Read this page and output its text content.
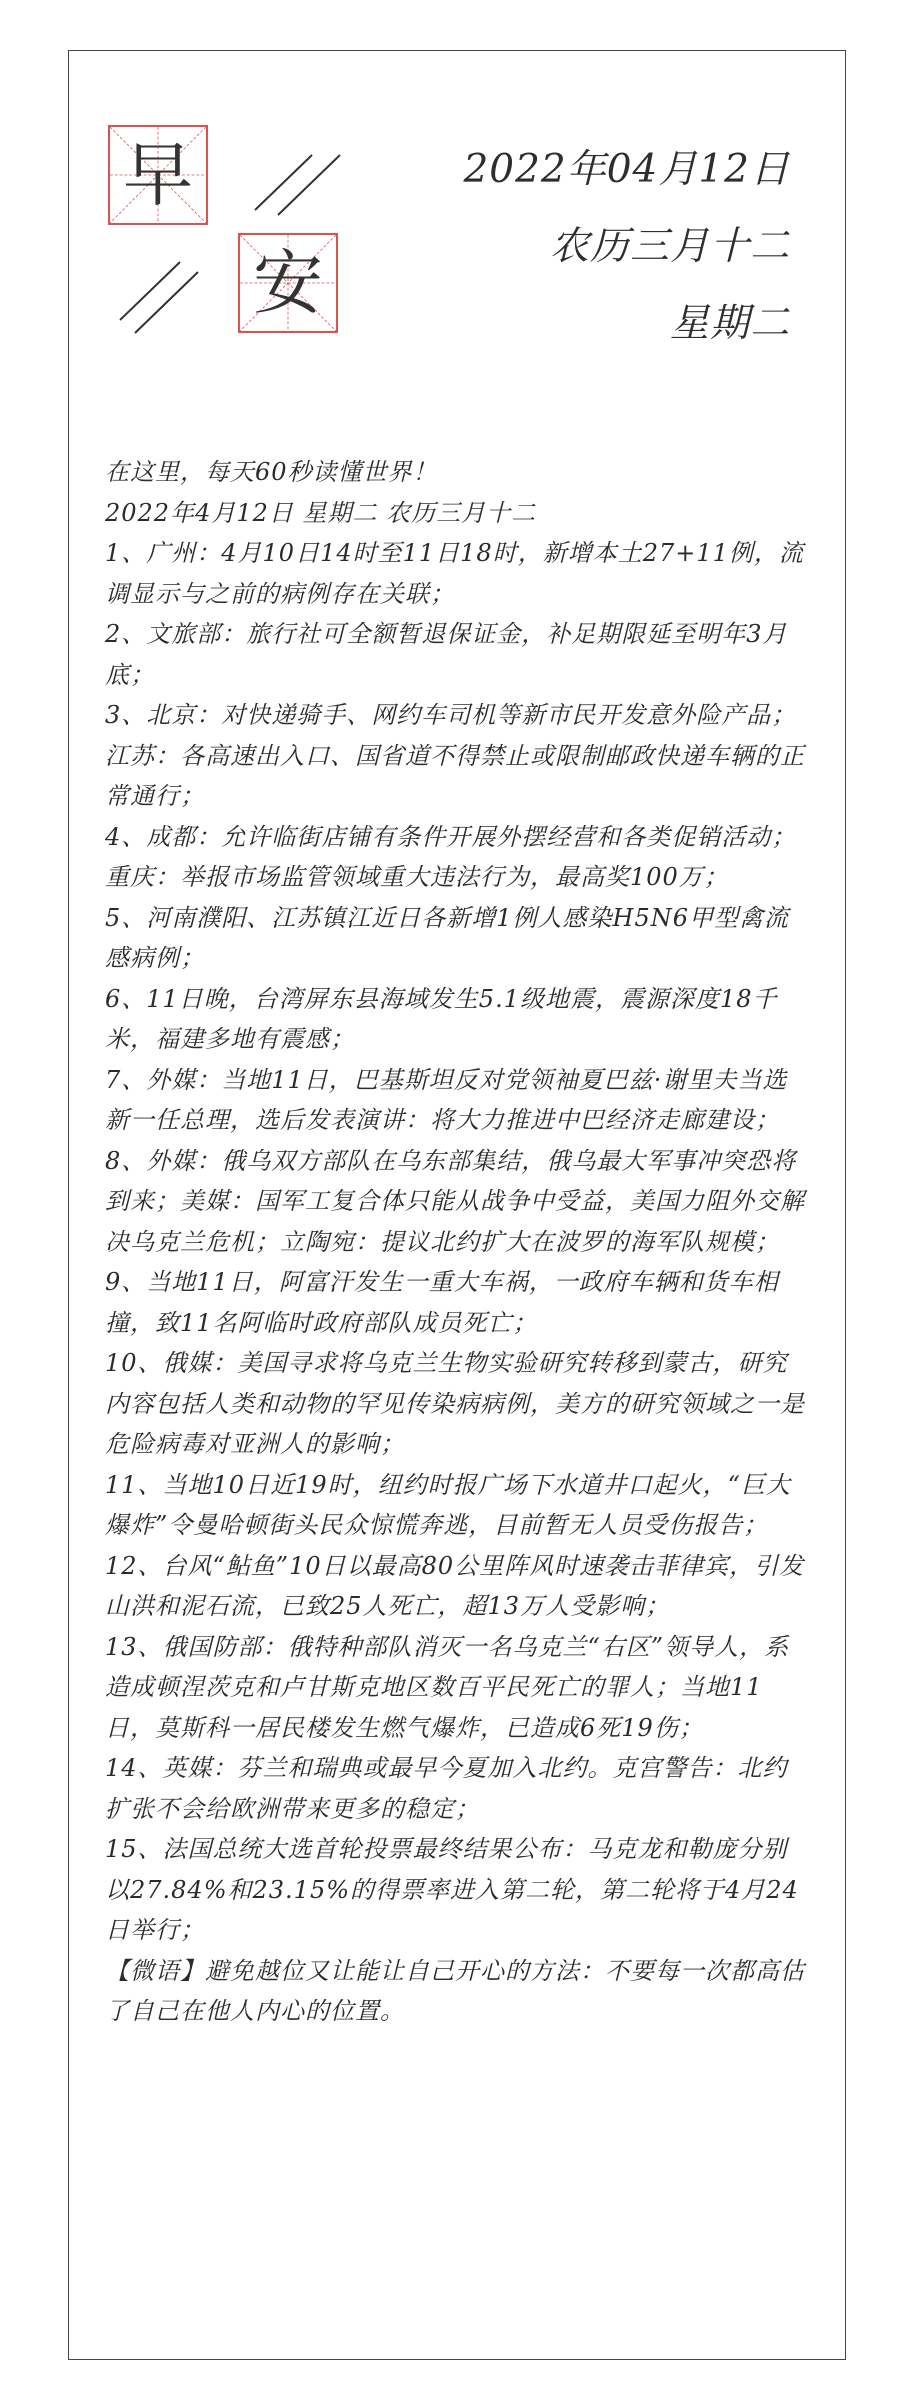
早
安
2022年04月12日
农历三月十二
星期二

在这里，每天60秒读懂世界！

2022年4月12日 星期二 农历三月十二

1、广州：4月10日14时至11日18时，新增本土27+11例，流调显示与之前的病例存在关联；

2、文旅部：旅行社可全额暂退保证金，补足期限延至明年3月底；

3、北京：对快递骑手、网约车司机等新市民开发意外险产品；江苏：各高速出入口、国省道不得禁止或限制邮政快递车辆的正常通行；

4、成都：允许临街店铺有条件开展外摆经营和各类促销活动；重庆：举报市场监管领域重大违法行为，最高奖100万；

5、河南濮阳、江苏镇江近日各新增1例人感染H5N6甲型禽流感病例；

6、11日晚，台湾屏东县海域发生5.1级地震，震源深度18千米，福建多地有震感；

7、外媒：当地11日，巴基斯坦反对党领袖夏巴兹·谢里夫当选新一任总理，选后发表演讲：将大力推进中巴经济走廊建设；

8、外媒：俄乌双方部队在乌东部集结，俄乌最大军事冲突恐将到来；美媒：国军工复合体只能从战争中受益，美国力阻外交解决乌克兰危机；立陶宛：提议北约扩大在波罗的海军队规模；

9、当地11日，阿富汗发生一重大车祸，一政府车辆和货车相撞，致11名阿临时政府部队成员死亡；

10、俄媒：美国寻求将乌克兰生物实验研究转移到蒙古，研究内容包括人类和动物的罕见传染病病例，美方的研究领域之一是危险病毒对亚洲人的影响；

11、当地10日近19时，纽约时报广场下水道井口起火，“巨大爆炸”令曼哈顿街头民众惊慌奔逃，目前暂无人员受伤报告；

12、台风“鲇鱼”10日以最高80公里阵风时速袭击菲律宾，引发山洪和泥石流，已致25人死亡，超13万人受影响；

13、俄国防部：俄特种部队消灭一名乌克兰“右区”领导人，系造成顿涅茨克和卢甘斯克地区数百平民死亡的罪人；当地11日，莫斯科一居民楼发生燃气爆炸，已造成6死19伤；

14、英媒：芬兰和瑞典或最早今夏加入北约。克宫警告：北约扩张不会给欧洲带来更多的稳定；

15、法国总统大选首轮投票最终结果公布：马克龙和勒庞分别以27.84%和23.15%的得票率进入第二轮，第二轮将于4月24日举行；

【微语】避免越位又让能让自己开心的方法：不要每一次都高估了自己在他人内心的位置。
